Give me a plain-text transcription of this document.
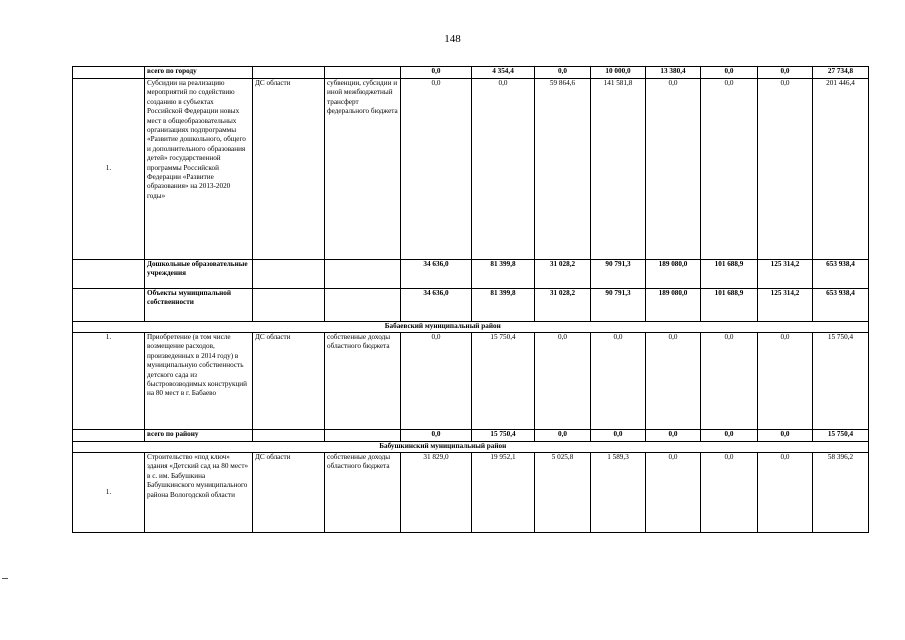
148
	всего по городу			0,0	4 354,4	0,0	10 000,0	13 380,4	0,0	0,0	27 734,8
1.	Субсидии на реализацию мероприятий по содействию созданию в субъектах Российской Федерации новых мест в общеобразовательных организациях подпрограммы «Развитие дошкольного, общего и дополнительного образования детей» государственной программы Российской Федерации «Развитие образования» на 2013-2020 годы»	ДС области	субвенции, субсидии и иной межбюджетный трансферт федерального бюджета	0,0	0,0	59 864,6	141 581,8	0,0	0,0	0,0	201 446,4
	Дошкольные образовательные учреждения			34 636,0	81 399,8	31 028,2	90 791,3	189 080,0	101 688,9	125 314,2	653 938,4
	Объекты муниципальной собственности			34 636,0	81 399,8	31 028,2	90 791,3	189 080,0	101 688,9	125 314,2	653 938,4
Бабаевский муниципальный район											
1.	Приобретение (в том числе возмещение расходов, произведенных в 2014 году) в муниципальную собственность детского сада из быстровозводимых конструкций на 80 мест в г. Бабаево	ДС области	собственные доходы областного бюджета	0,0	15 750,4	0,0	0,0	0,0	0,0	0,0	15 750,4
	всего по району			0,0	15 750,4	0,0	0,0	0,0	0,0	0,0	15 750,4
Бабушкинский муниципальный район											
1.	Строительство «под ключ» здания «Детский сад на 80 мест» в с. им. Бабушкина Бабушкинского муниципального района Вологодской области	ДС области	собственные доходы областного бюджета	31 829,0	19 952,1	5 025,8	1 589,3	0,0	0,0	0,0	58 396,2
